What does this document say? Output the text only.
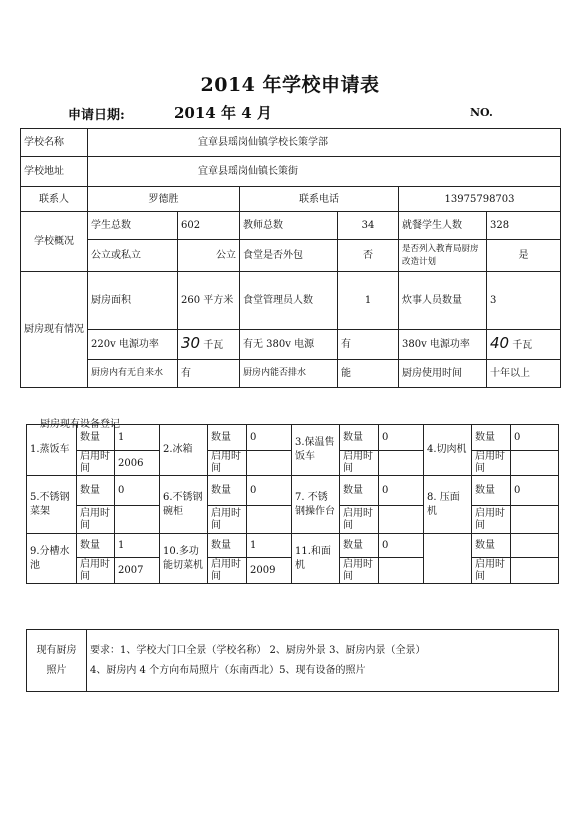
2014 年学校申请表
申请日期:	2014 年 4 月	NO.
学校名称	宜章县瑶岗仙镇学校长策学部					
学校地址	宜章县瑶岗仙镇长策街					
联系人	罗德胜		联系电话		13975798703	
学校概况	学生总数	602	教师总数	34	就餐学生人数	328
	公立或私立	公立	食堂是否外包	否	是否列入教育局厨房改造计划	是
厨房现有情况	厨房面积	260 平方米	食堂管理员人数	1	炊事人员数量	3
	220v 电源功率	30 千瓦	有无 380v 电源	有	380v 电源功率	40 千瓦
	厨房内有无自来水	有	厨房内能否排水	能	厨房使用时间	十年以上
厨房现有设备登记
1.蒸饭车	数量	1	2.冰箱	数量	0	3.保温售饭车	数量	0	4.切肉机	数量	0
	启用时间	2006		启用时间			启用时间			启用时间	
5.不锈钢菜架	数量	0	6.不锈钢碗柜	数量	0	7. 不锈钢操作台	数量	0	8. 压面机	数量	0
	启用时间			启用时间			启用时间			启用时间	
9.分槽水池	数量	1	10.多功能切菜机	数量	1	11.和面机	数量	0		数量	
	启用时间	2007		启用时间	2009		启用时间			启用时间	
现有厨房
照片

要求：1、学校大门口全景（学校名称） 2、厨房外景 3、厨房内景（全景）
4、厨房内 4 个方向布局照片（东南西北）5、现有设备的照片
